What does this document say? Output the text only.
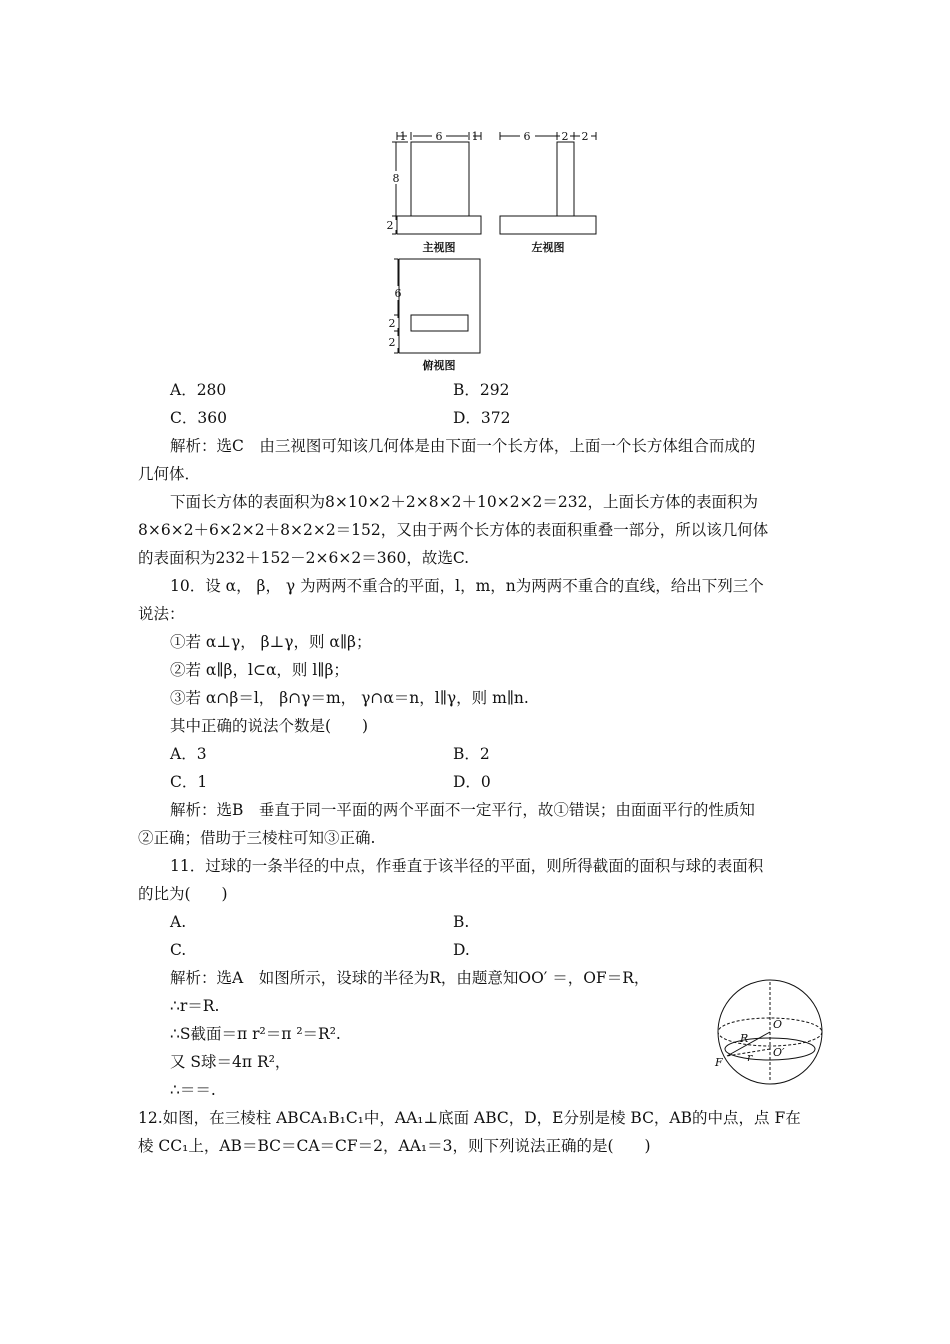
1	6	1
8
2
6	2 2
6
2
2
主视图	左视图
俯视图
A．280	B．292
C．360	D．372
解析：选C　由三视图可知该几何体是由下面一个长方体，上面一个长方体组合而成的
几何体．
下面长方体的表面积为8×10×2＋2×8×2＋10×2×2＝232，上面长方体的表面积为
8×6×2＋6×2×2＋8×2×2＝152，又由于两个长方体的表面积重叠一部分，所以该几何体
的表面积为232＋152－2×6×2＝360，故选C.
10．设 α， β， γ 为两两不重合的平面，l，m，n为两两不重合的直线，给出下列三个
说法：
①若 α⊥γ， β⊥γ，则 α∥β；
②若 α∥β，l⊂α，则 l∥β；
③若 α∩β＝l， β∩γ＝m， γ∩α＝n，l∥γ，则 m∥n.
其中正确的说法个数是(　　)
A．3	B．2
C．1	D．0
解析：选B　垂直于同一平面的两个平面不一定平行，故①错误；由面面平行的性质知
②正确；借助于三棱柱可知③正确.
11．过球的一条半径的中点，作垂直于该半径的平面，则所得截面的面积与球的表面积
的比为(　　)
A.	B.
C.	D.
解析：选A　如图所示，设球的半径为R，由题意知OO′ ＝，OF＝R，
∴r＝R.
∴S截面＝π r²＝π ²＝R².
又 S球＝4π R²，
∴＝＝.
O
O′
R
r
F
12.如图，在三棱柱 ABCA₁B₁C₁中，AA₁⊥底面 ABC，D，E分别是棱 BC，AB的中点，点 F在
棱 CC₁上，AB＝BC＝CA＝CF＝2，AA₁＝3，则下列说法正确的是(　　)
